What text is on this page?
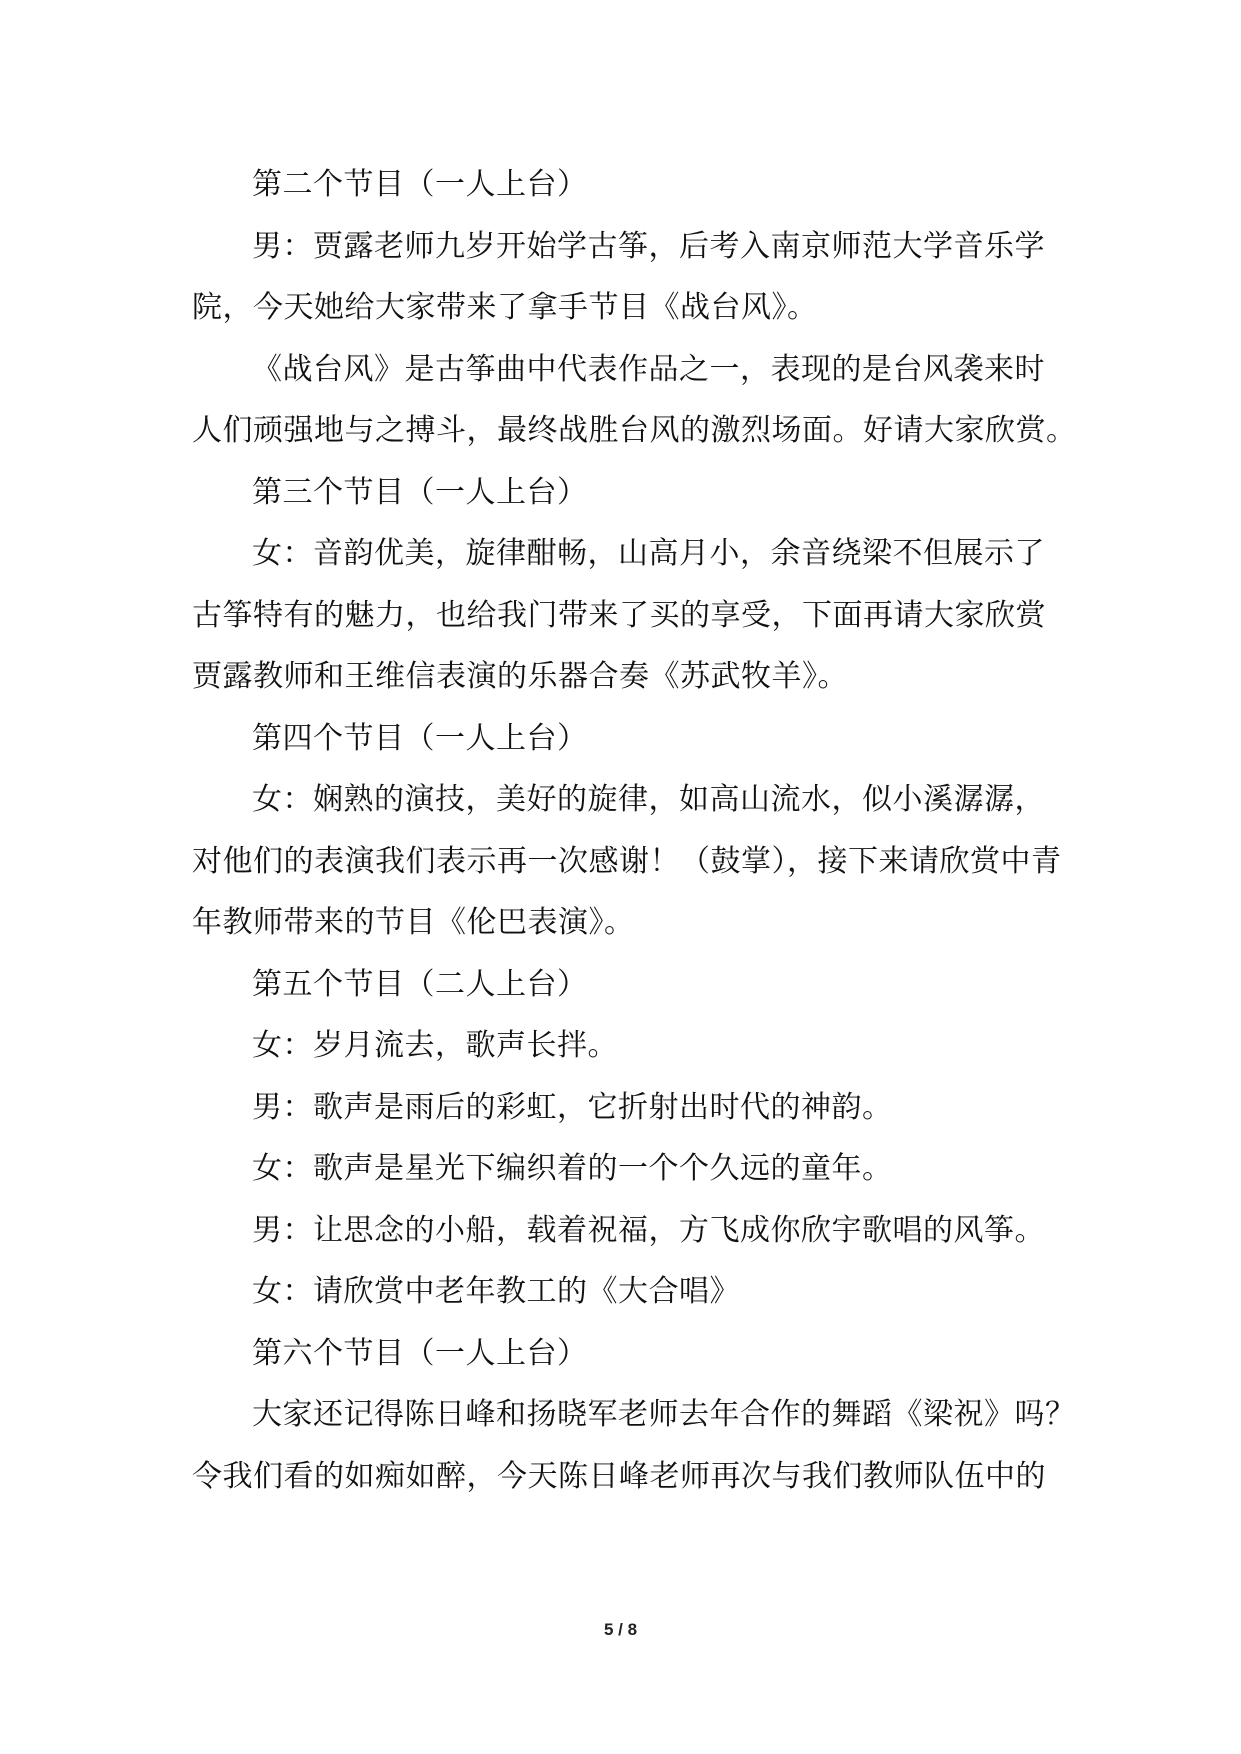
第二个节目（一人上台）
男：贾露老师九岁开始学古筝，后考入南京师范大学音乐学
院，今天她给大家带来了拿手节目《战台风》。
《战台风》是古筝曲中代表作品之一，表现的是台风袭来时
人们顽强地与之搏斗，最终战胜台风的激烈场面。好请大家欣赏。
第三个节目（一人上台）
女：音韵优美，旋律酣畅，山高月小，余音绕梁不但展示了
古筝特有的魅力，也给我门带来了买的享受，下面再请大家欣赏
贾露教师和王维信表演的乐器合奏《苏武牧羊》。
第四个节目（一人上台）
女：娴熟的演技，美好的旋律，如高山流水，似小溪潺潺，
对他们的表演我们表示再一次感谢！（鼓掌），接下来请欣赏中青
年教师带来的节目《伦巴表演》。
第五个节目（二人上台）
女：岁月流去，歌声长拌。
男：歌声是雨后的彩虹，它折射出时代的神韵。
女：歌声是星光下编织着的一个个久远的童年。
男：让思念的小船，载着祝福，方飞成你欣宇歌唱的风筝。
女：请欣赏中老年教工的《大合唱》
第六个节目（一人上台）
大家还记得陈日峰和扬晓军老师去年合作的舞蹈《梁祝》吗？
令我们看的如痴如醉，今天陈日峰老师再次与我们教师队伍中的
5 / 8
